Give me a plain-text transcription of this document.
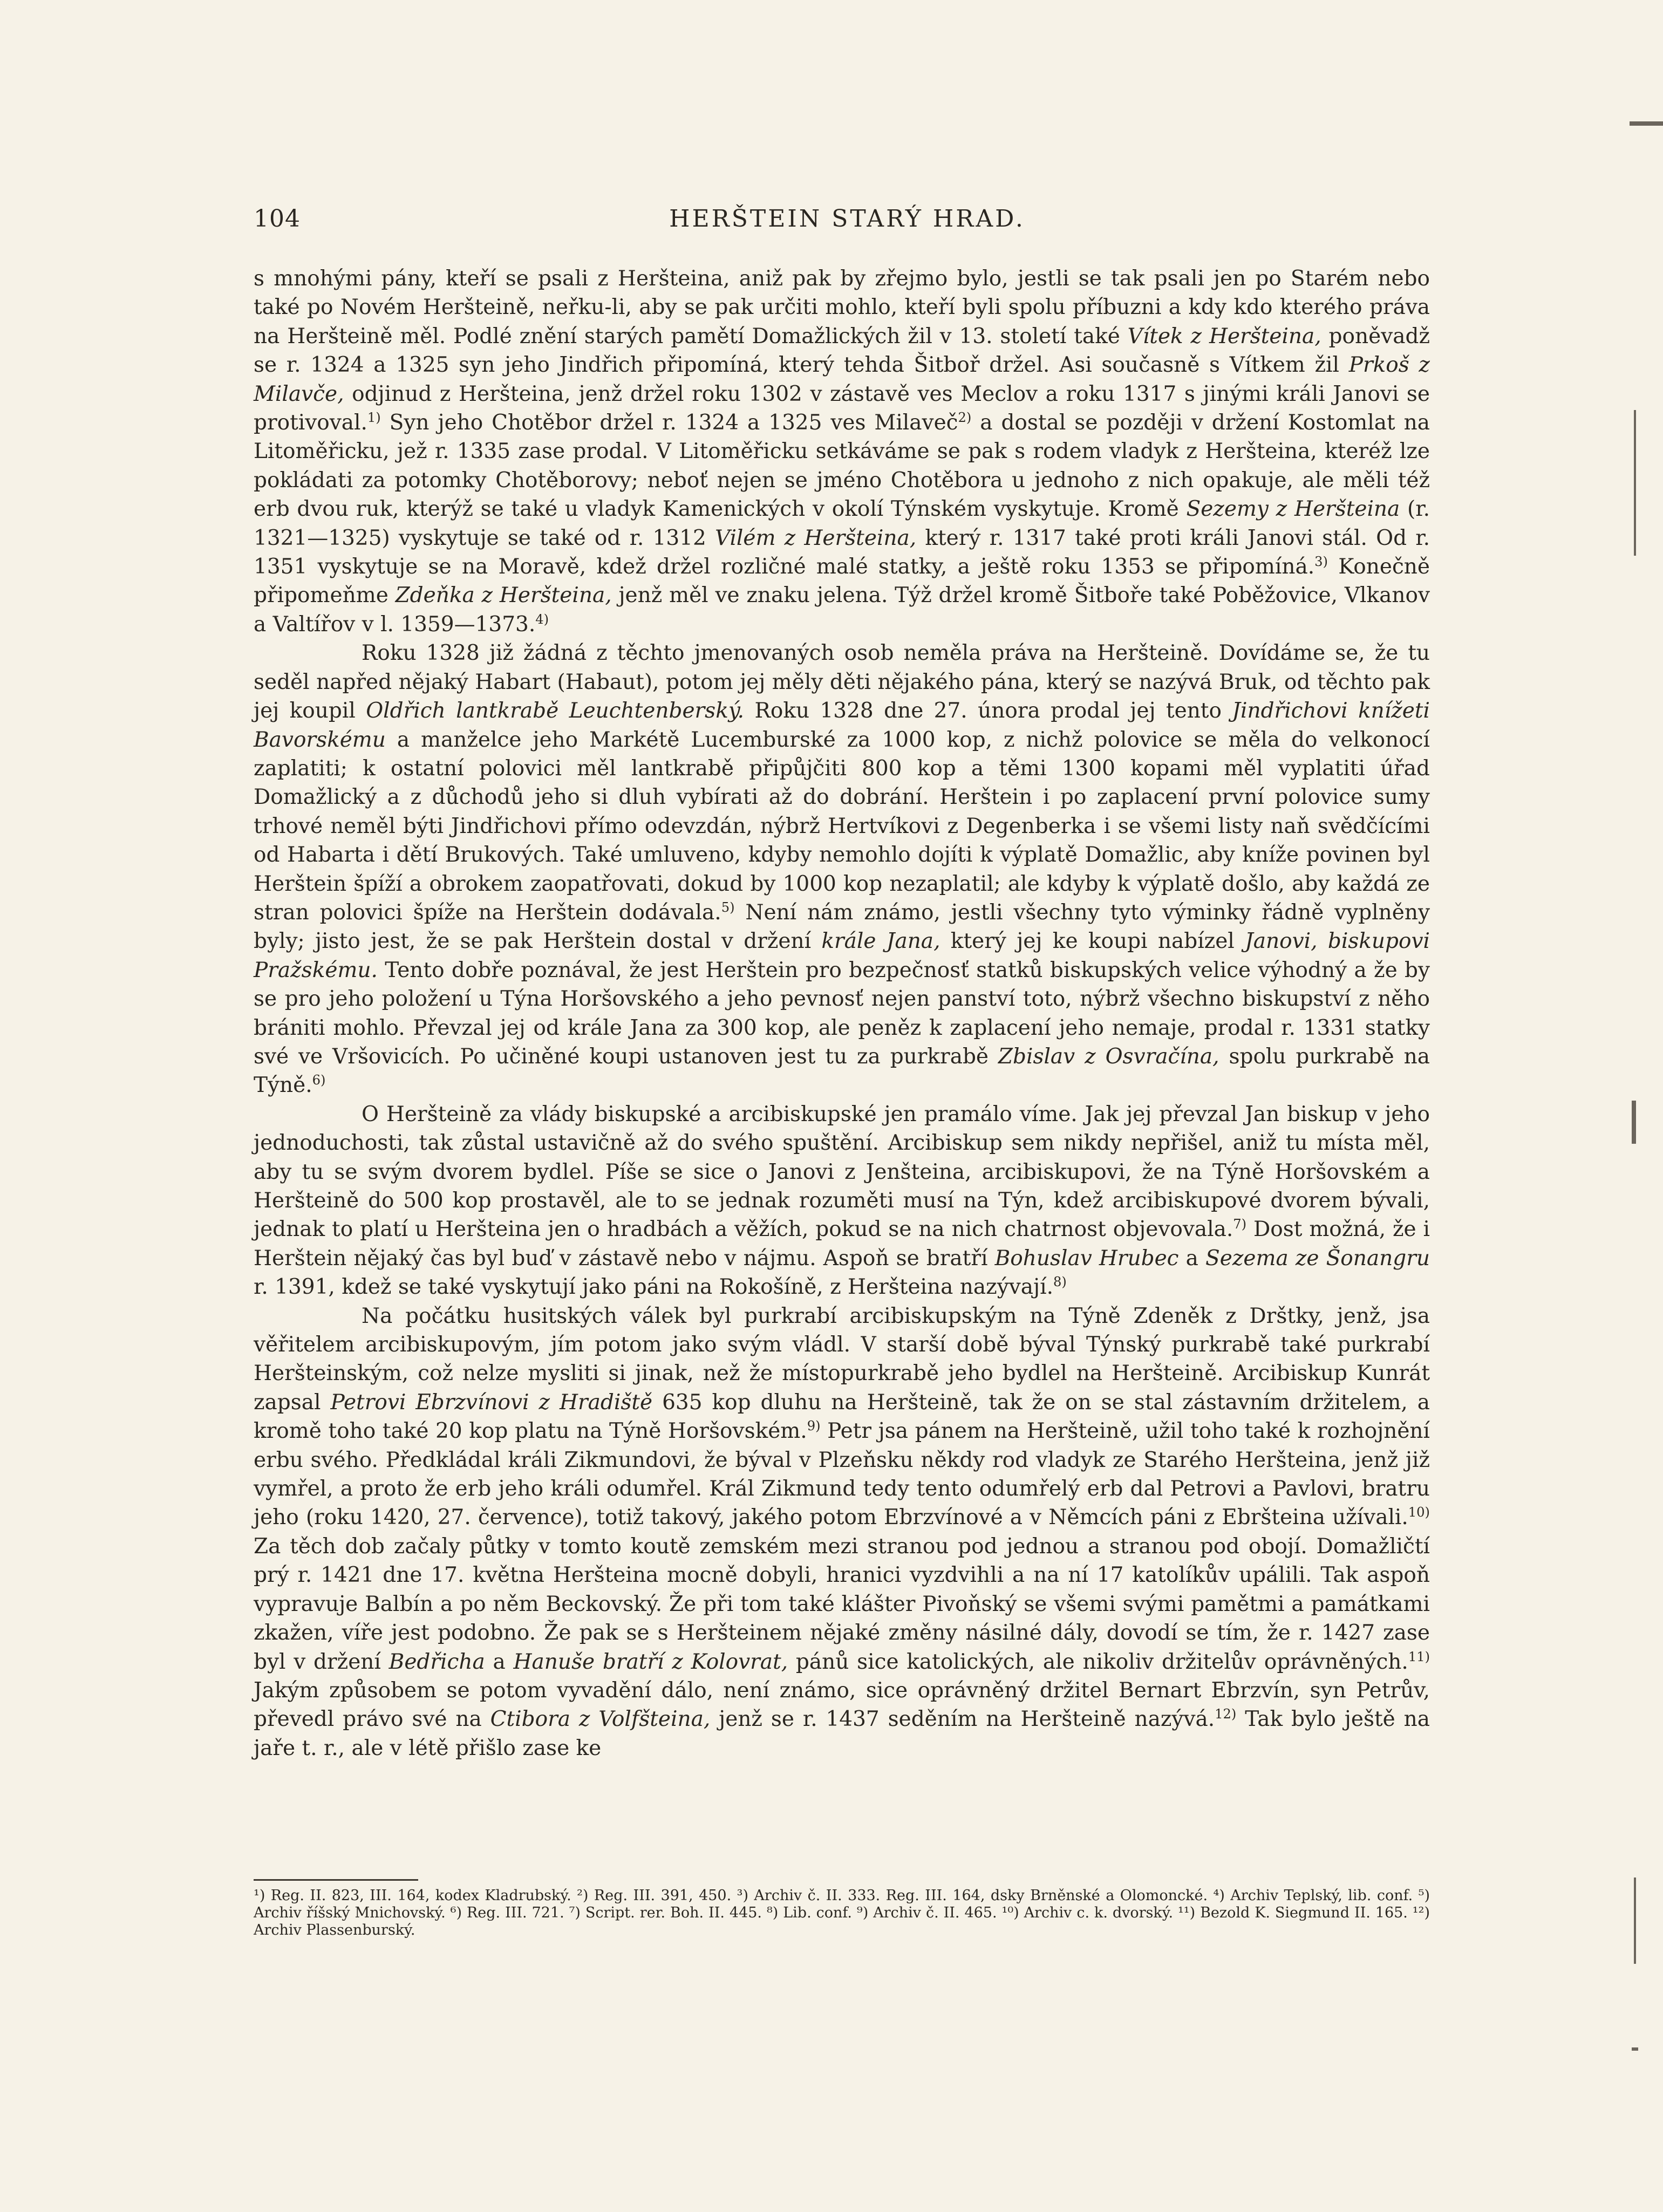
104	HERŠTEIN STARÝ HRAD.

s mnohými pány, kteří se psali z Heršteina, aniž pak by zřejmo bylo, jestli se tak psali jen po Starém nebo také po Novém Heršteině, neřku-li, aby se pak určiti mohlo, kteří byli spolu příbuzni a kdy kdo kterého práva na Heršteině měl. Podlé znění starých pamětí Domažlických žil v 13. století také Vítek z Heršteina, poněvadž se r. 1324 a 1325 syn jeho Jindřich připomíná, který tehda Šitboř držel. Asi současně s Vítkem žil Prkoš z Milavče, odjinud z Heršteina, jenž držel roku 1302 v zástavě ves Meclov a roku 1317 s jinými králi Janovi se protivoval.$^{1)}$ Syn jeho Chotěbor držel r. 1324 a 1325 ves Milaveč$^{2)}$ a dostal se později v držení Kostomlat na Litoměřicku, jež r. 1335 zase prodal. V Litoměřicku setkáváme se pak s rodem vladyk z Heršteina, kteréž lze pokládati za potomky Chotěborovy; neboť nejen se jméno Chotěbora u jednoho z nich opakuje, ale měli též erb dvou ruk, kterýž se také u vladyk Kamenických v okolí Týnském vyskytuje. Kromě Sezemy z Heršteina (r. 1321—1325) vyskytuje se také od r. 1312 Vilém z Heršteina, který r. 1317 také proti králi Janovi stál. Od r. 1351 vyskytuje se na Moravě, kdež držel rozličné malé statky, a ještě roku 1353 se připomíná.$^{3)}$ Konečně připomeňme Zdeňka z Heršteina, jenž měl ve znaku jelena. Týž držel kromě Šitboře také Poběžovice, Vlkanov a Valtířov v l. 1359—1373.$^{4)}$

Roku 1328 již žádná z těchto jmenovaných osob neměla práva na Heršteině. Dovídáme se, že tu seděl napřed nějaký Habart (Habaut), potom jej měly děti nějakého pána, který se nazývá Bruk, od těchto pak jej koupil Oldřich lantkrabě Leuchtenberský. Roku 1328 dne 27. února prodal jej tento Jindřichovi knížeti Bavorskému a manželce jeho Markétě Lucemburské za 1000 kop, z nichž polovice se měla do velkonocí zaplatiti; k ostatní polovici měl lantkrabě připůjčiti 800 kop a těmi 1300 kopami měl vyplatiti úřad Domažlický a z důchodů jeho si dluh vybírati až do dobrání. Herštein i po zaplacení první polovice sumy trhové neměl býti Jindřichovi přímo odevzdán, nýbrž Hertvíkovi z Degenberka i se všemi listy naň svědčícími od Habarta i dětí Brukových. Také umluveno, kdyby nemohlo dojíti k výplatě Domažlic, aby kníže povinen byl Herštein špíží a obrokem zaopatřovati, dokud by 1000 kop nezaplatil; ale kdyby k výplatě došlo, aby každá ze stran polovici špíže na Herštein dodávala.$^{5)}$ Není nám známo, jestli všechny tyto výminky řádně vyplněny byly; jisto jest, že se pak Herštein dostal v držení krále Jana, který jej ke koupi nabízel Janovi, biskupovi Pražskému. Tento dobře poznával, že jest Herštein pro bezpečnosť statků biskupských velice výhodný a že by se pro jeho položení u Týna Horšovského a jeho pevnosť nejen panství toto, nýbrž všechno biskupství z něho brániti mohlo. Převzal jej od krále Jana za 300 kop, ale peněz k zaplacení jeho nemaje, prodal r. 1331 statky své ve Vršovicích. Po učiněné koupi ustanoven jest tu za purkrabě Zbislav z Osvračína, spolu purkrabě na Týně.$^{6)}$

O Heršteině za vlády biskupské a arcibiskupské jen pramálo víme. Jak jej převzal Jan biskup v jeho jednoduchosti, tak zůstal ustavičně až do svého spuštění. Arcibiskup sem nikdy nepřišel, aniž tu místa měl, aby tu se svým dvorem bydlel. Píše se sice o Janovi z Jenšteina, arcibiskupovi, že na Týně Horšovském a Heršteině do 500 kop prostavěl, ale to se jednak rozuměti musí na Týn, kdež arcibiskupové dvorem bývali, jednak to platí u Heršteina jen o hradbách a věžích, pokud se na nich chatrnost objevovala.$^{7)}$ Dost možná, že i Herštein nějaký čas byl buď v zástavě nebo v nájmu. Aspoň se bratří Bohuslav Hrubec a Sezema ze Šonangru r. 1391, kdež se také vyskytují jako páni na Rokošíně, z Heršteina nazývají.$^{8)}$

Na počátku husitských válek byl purkrabí arcibiskupským na Týně Zdeněk z Drštky, jenž, jsa věřitelem arcibiskupovým, jím potom jako svým vládl. V starší době býval Týnský purkrabě také purkrabí Heršteinským, což nelze mysliti si jinak, než že místopurkrabě jeho bydlel na Heršteině. Arcibiskup Kunrát zapsal Petrovi Ebrzvínovi z Hradiště 635 kop dluhu na Heršteině, tak že on se stal zástavním držitelem, a kromě toho také 20 kop platu na Týně Horšovském.$^{9)}$ Petr jsa pánem na Heršteině, užil toho také k rozhojnění erbu svého. Předkládal králi Zikmundovi, že býval v Plzeňsku někdy rod vladyk ze Starého Heršteina, jenž již vymřel, a proto že erb jeho králi odumřel. Král Zikmund tedy tento odumřelý erb dal Petrovi a Pavlovi, bratru jeho (roku 1420, 27. července), totiž takový, jakého potom Ebrzvínové a v Němcích páni z Ebršteina užívali.$^{10)}$ Za těch dob začaly půtky v tomto koutě zemském mezi stranou pod jednou a stranou pod obojí. Domažličtí prý r. 1421 dne 17. května Heršteina mocně dobyli, hranici vyzdvihli a na ní 17 katolíkův upálili. Tak aspoň vypravuje Balbín a po něm Beckovský. Že při tom také klášter Pivoňský se všemi svými pamětmi a památkami zkažen, víře jest podobno. Že pak se s Heršteinem nějaké změny násilné dály, dovodí se tím, že r. 1427 zase byl v držení Bedřicha a Hanuše bratří z Kolovrat, pánů sice katolických, ale nikoliv držitelův oprávněných.$^{11)}$ Jakým způsobem se potom vyvadění dálo, není známo, sice oprávněný držitel Bernart Ebrzvín, syn Petrův, převedl právo své na Ctibora z Volfšteina, jenž se r. 1437 seděním na Heršteině nazývá.$^{12)}$ Tak bylo ještě na jaře t. r., ale v létě přišlo zase ke

¹) Reg. II. 823, III. 164, kodex Kladrubský. ²) Reg. III. 391, 450. ³) Archiv č. II. 333. Reg. III. 164, dsky Brněnské a Olomoncké. ⁴) Archiv Teplský, lib. conf. ⁵) Archiv říšský Mnichovský. ⁶) Reg. III. 721. ⁷) Script. rer. Boh. II. 445. ⁸) Lib. conf. ⁹) Archiv č. II. 465. ¹⁰) Archiv c. k. dvorský. ¹¹) Bezold K. Siegmund II. 165. ¹²) Archiv Plassenburský.
